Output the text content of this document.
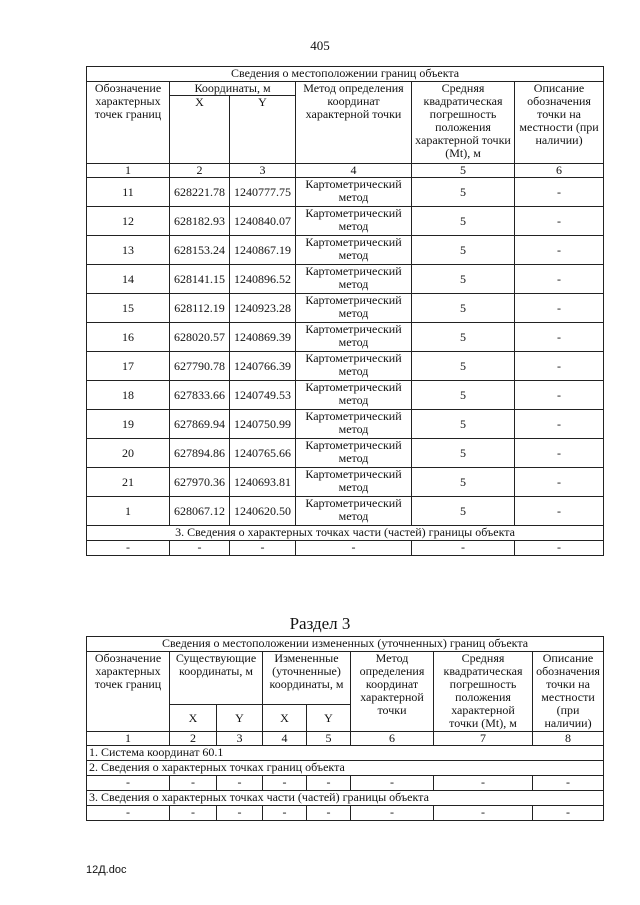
405
Сведения о местоположении границ объекта					
Обозначение характерных точек границ	Координаты, м		Метод определения координат характерной точки	Средняя квадратическая погрешность положения характерной точки (Mt), м	Описание обозначения точки на местности (при наличии)
	X	Y			
1	2	3	4	5	6
11	628221.78	1240777.75	Картометрический метод	5	-
12	628182.93	1240840.07	Картометрический метод	5	-
13	628153.24	1240867.19	Картометрический метод	5	-
14	628141.15	1240896.52	Картометрический метод	5	-
15	628112.19	1240923.28	Картометрический метод	5	-
16	628020.57	1240869.39	Картометрический метод	5	-
17	627790.78	1240766.39	Картометрический метод	5	-
18	627833.66	1240749.53	Картометрический метод	5	-
19	627869.94	1240750.99	Картометрический метод	5	-
20	627894.86	1240765.66	Картометрический метод	5	-
21	627970.36	1240693.81	Картометрический метод	5	-
1	628067.12	1240620.50	Картометрический метод	5	-
3. Сведения о характерных точках части (частей) границы объекта					
-	-	-	-	-	-
Раздел 3
Сведения о местоположении измененных (уточненных) границ объекта							
Обозначение характерных точек границ	Существующие координаты, м		Измененные (уточненные) координаты, м		Метод определения координат характерной точки	Средняя квадратическая погрешность положения характерной точки (Mt), м	Описание обозначения точки на местности (при наличии)
	X	Y	X	Y			
1	2	3	4	5	6	7	8
1. Система координат 60.1							
2. Сведения о характерных точках границ объекта							
-	-	-	-	-	-	-	-
3. Сведения о характерных точках части (частей) границы объекта							
-	-	-	-	-	-	-	-
12Д.doc
